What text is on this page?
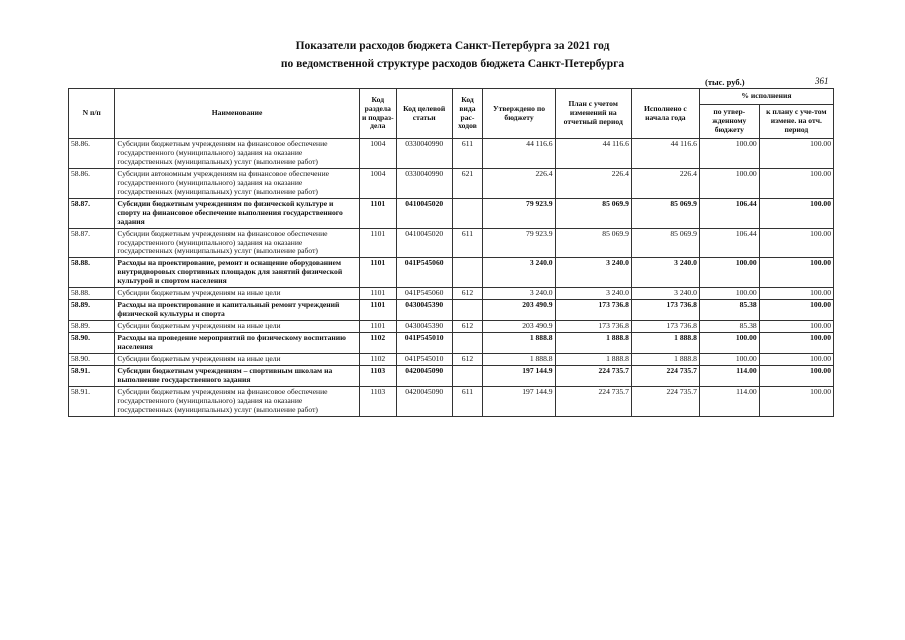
Показатели расходов бюджета Санкт-Петербурга за 2021 год
по ведомственной структуре расходов бюджета Санкт-Петербурга
(тыс. руб.)	361
N п/п	Наименование	Код раздела и подраз-дела	Код целевой статьи	Код вида рас-ходов	Утверждено по бюджету	План с учетом изменений на отчетный период	Исполнено с начала года	% исполнения	
								по утвер-жденному бюджету	к плану с уче-том измене. на отч. период
58.86.	Субсидии бюджетным учреждениям на финансовое обеспечение государственного (муниципального) задания на оказание государственных (муниципальных) услуг (выполнение работ)	1004	0330040990	611	44 116.6	44 116.6	44 116.6	100.00	100.00
58.86.	Субсидии автономным учреждениям на финансовое обеспечение государственного (муниципального) задания на оказание государственных (муниципальных) услуг (выполнение работ)	1004	0330040990	621	226.4	226.4	226.4	100.00	100.00
58.87.	Субсидии бюджетным учреждениям по физической культуре и спорту на финансовое обеспечение выполнения государственного задания	1101	0410045020		79 923.9	85 069.9	85 069.9	106.44	100.00
58.87.	Субсидии бюджетным учреждениям на финансовое обеспечение государственного (муниципального) задания на оказание государственных (муниципальных) услуг (выполнение работ)	1101	0410045020	611	79 923.9	85 069.9	85 069.9	106.44	100.00
58.88.	Расходы на проектирование, ремонт и оснащение оборудованием внутридворовых спортивных площадок для занятий физической культурой и спортом населения	1101	041P545060		3 240.0	3 240.0	3 240.0	100.00	100.00
58.88.	Субсидии бюджетным учреждениям на иные цели	1101	041P545060	612	3 240.0	3 240.0	3 240.0	100.00	100.00
58.89.	Расходы на проектирование и капитальный ремонт учреждений физической культуры и спорта	1101	0430045390		203 490.9	173 736.8	173 736.8	85.38	100.00
58.89.	Субсидии бюджетным учреждениям на иные цели	1101	0430045390	612	203 490.9	173 736.8	173 736.8	85.38	100.00
58.90.	Расходы на проведение мероприятий по физическому воспитанию населения	1102	041P545010		1 888.8	1 888.8	1 888.8	100.00	100.00
58.90.	Субсидии бюджетным учреждениям на иные цели	1102	041P545010	612	1 888.8	1 888.8	1 888.8	100.00	100.00
58.91.	Субсидии бюджетным учреждениям – спортивным школам на выполнение государственного задания	1103	0420045090		197 144.9	224 735.7	224 735.7	114.00	100.00
58.91.	Субсидии бюджетным учреждениям на финансовое обеспечение государственного (муниципального) задания на оказание государственных (муниципальных) услуг (выполнение работ)	1103	0420045090	611	197 144.9	224 735.7	224 735.7	114.00	100.00
